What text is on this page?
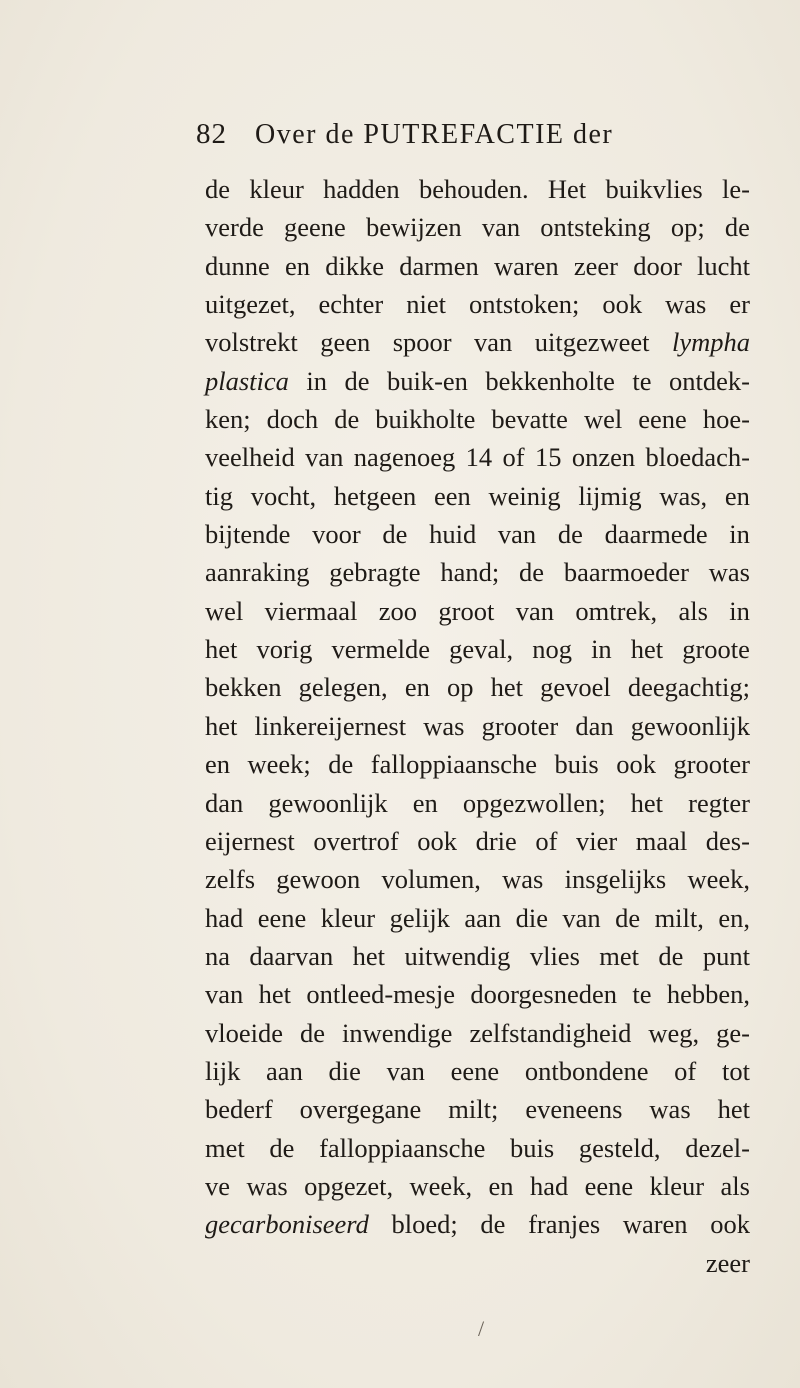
82 Over de PUTREFACTIE der
de kleur hadden behouden. Het buikvlies le-
verde geene bewijzen van ontsteking op; de
dunne en dikke darmen waren zeer door lucht
uitgezet, echter niet ontstoken; ook was er
volstrekt geen spoor van uitgezweet lympha
plastica in de buik-en bekkenholte te ontdek-
ken; doch de buikholte bevatte wel eene hoe-
veelheid van nagenoeg 14 of 15 onzen bloedach-
tig vocht, hetgeen een weinig lijmig was, en
bijtende voor de huid van de daarmede in
aanraking gebragte hand; de baarmoeder was
wel viermaal zoo groot van omtrek, als in
het vorig vermelde geval, nog in het groote
bekken gelegen, en op het gevoel deegachtig;
het linkereijernest was grooter dan gewoonlijk
en week; de falloppiaansche buis ook grooter
dan gewoonlijk en opgezwollen; het regter
eijernest overtrof ook drie of vier maal des-
zelfs gewoon volumen, was insgelijks week,
had eene kleur gelijk aan die van de milt, en,
na daarvan het uitwendig vlies met de punt
van het ontleed-mesje doorgesneden te hebben,
vloeide de inwendige zelfstandigheid weg, ge-
lijk aan die van eene ontbondene of tot
bederf overgegane milt; eveneens was het
met de falloppiaansche buis gesteld, dezel-
ve was opgezet, week, en had eene kleur als
gecarboniseerd bloed; de franjes waren ook
zeer
/
